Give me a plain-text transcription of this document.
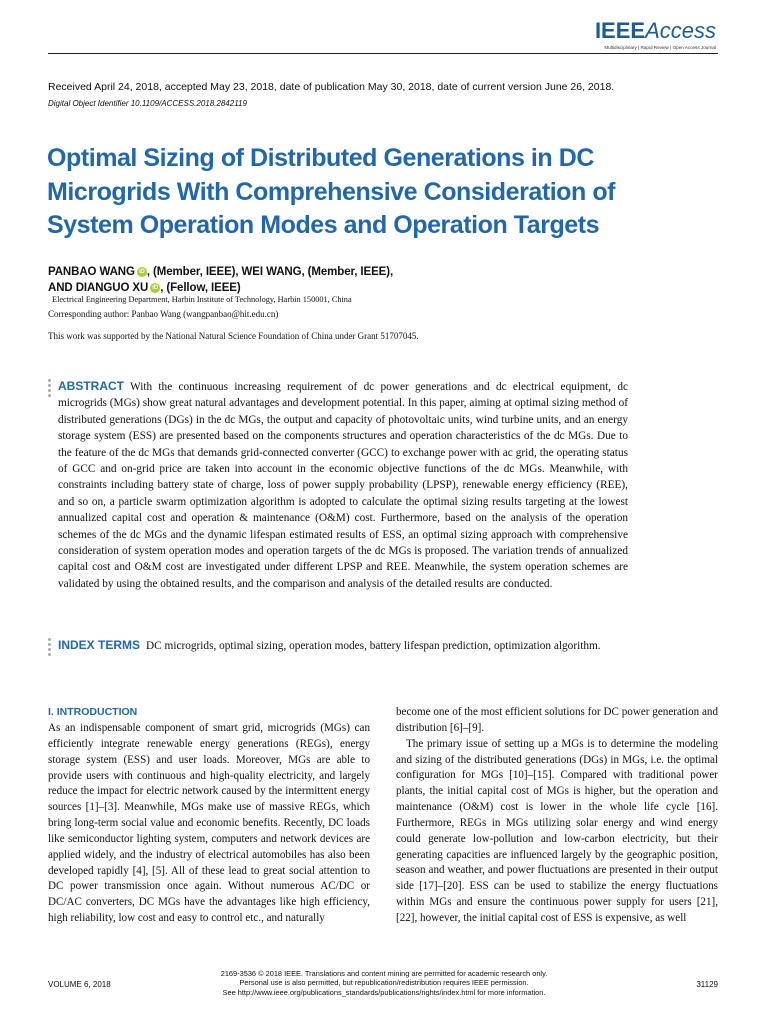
IEEEAccess
Multidisciplinary | Rapid Review | Open Access Journal
Received April 24, 2018, accepted May 23, 2018, date of publication May 30, 2018, date of current version June 26, 2018.
Digital Object Identifier 10.1109/ACCESS.2018.2842119
Optimal Sizing of Distributed Generations in DC Microgrids With Comprehensive Consideration of System Operation Modes and Operation Targets
PANBAO WANG iD , (Member, IEEE), WEI WANG, (Member, IEEE),
AND DIANGUO XU iD , (Fellow, IEEE)
Electrical Engineering Department, Harbin Institute of Technology, Harbin 150001, China
Corresponding author: Panbao Wang (wangpanbao@hit.edu.cn)
This work was supported by the National Natural Science Foundation of China under Grant 51707045.

ABSTRACT With the continuous increasing requirement of dc power generations and dc electrical equipment, dc microgrids (MGs) show great natural advantages and development potential. In this paper, aiming at optimal sizing method of distributed generations (DGs) in the dc MGs, the output and capacity of photovoltaic units, wind turbine units, and an energy storage system (ESS) are presented based on the components structures and operation characteristics of the dc MGs. Due to the feature of the dc MGs that demands grid-connected converter (GCC) to exchange power with ac grid, the operating status of GCC and on-grid price are taken into account in the economic objective functions of the dc MGs. Meanwhile, with constraints including battery state of charge, loss of power supply probability (LPSP), renewable energy efficiency (REE), and so on, a particle swarm optimization algorithm is adopted to calculate the optimal sizing results targeting at the lowest annualized capital cost and operation & maintenance (O&M) cost. Furthermore, based on the analysis of the operation schemes of the dc MGs and the dynamic lifespan estimated results of ESS, an optimal sizing approach with comprehensive consideration of system operation modes and operation targets of the dc MGs is proposed. The variation trends of annualized capital cost and O&M cost are investigated under different LPSP and REE. Meanwhile, the system operation schemes are validated by using the obtained results, and the comparison and analysis of the detailed results are conducted.

INDEX TERMS DC microgrids, optimal sizing, operation modes, battery lifespan prediction, optimization algorithm.

I. INTRODUCTION

As an indispensable component of smart grid, microgrids (MGs) can efficiently integrate renewable energy generations (REGs), energy storage system (ESS) and user loads. Moreover, MGs are able to provide users with continuous and high-quality electricity, and largely reduce the impact for electric network caused by the intermittent energy sources [1]–[3]. Meanwhile, MGs make use of massive REGs, which bring long-term social value and economic benefits. Recently, DC loads like semiconductor lighting system, computers and network devices are applied widely, and the industry of electrical automobiles has also been developed rapidly [4], [5]. All of these lead to great social attention to DC power transmission once again. Without numerous AC/DC or DC/AC converters, DC MGs have the advantages like high efficiency, high reliability, low cost and easy to control etc., and naturally

become one of the most efficient solutions for DC power generation and distribution [6]–[9].

The primary issue of setting up a MGs is to determine the modeling and sizing of the distributed generations (DGs) in MGs, i.e. the optimal configuration for MGs [10]–[15]. Compared with traditional power plants, the initial capital cost of MGs is higher, but the operation and maintenance (O&M) cost is lower in the whole life cycle [16]. Furthermore, REGs in MGs utilizing solar energy and wind energy could generate low-pollution and low-carbon electricity, but their generating capacities are influenced largely by the geographic position, season and weather, and power fluctuations are presented in their output side [17]–[20]. ESS can be used to stabilize the energy fluctuations within MGs and ensure the continuous power supply for users [21], [22], however, the initial capital cost of ESS is expensive, as well

VOLUME 6, 2018
2169-3536 © 2018 IEEE. Translations and content mining are permitted for academic research only.
Personal use is also permitted, but republication/redistribution requires IEEE permission.
See http://www.ieee.org/publications_standards/publications/rights/index.html for more information.
31129
